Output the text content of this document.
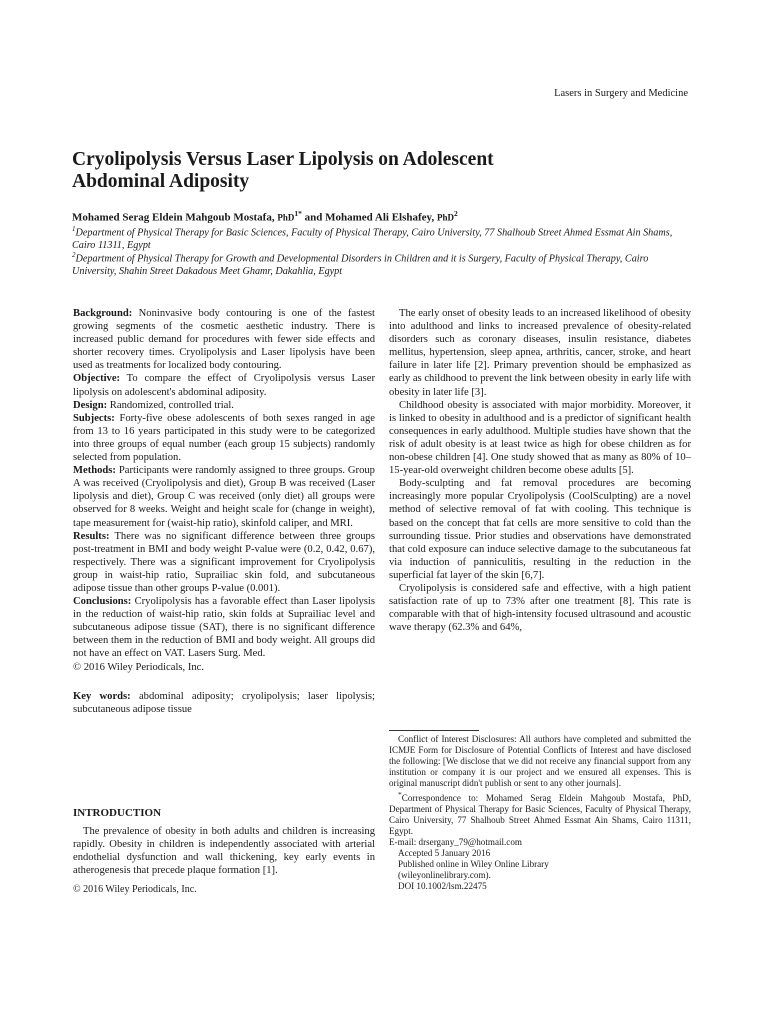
Lasers in Surgery and Medicine
Cryolipolysis Versus Laser Lipolysis on Adolescent
Abdominal Adiposity
Mohamed Serag Eldein Mahgoub Mostafa, PhD$^{1*}$ and Mohamed Ali Elshafey, PhD$^2$
$^1$Department of Physical Therapy for Basic Sciences, Faculty of Physical Therapy, Cairo University, 77 Shalhoub Street Ahmed Essmat Ain Shams, Cairo 11311, Egypt
$^2$Department of Physical Therapy for Growth and Developmental Disorders in Children and it is Surgery, Faculty of Physical Therapy, Cairo University, Shahin Street Dakadous Meet Ghamr, Dakahlia, Egypt

Background: Noninvasive body contouring is one of the fastest growing segments of the cosmetic aesthetic industry. There is increased public demand for procedures with fewer side effects and shorter recovery times. Cryolipolysis and Laser lipolysis have been used as treatments for localized body contouring.

Objective: To compare the effect of Cryolipolysis versus Laser lipolysis on adolescent's abdominal adiposity.

Design: Randomized, controlled trial.

Subjects: Forty-five obese adolescents of both sexes ranged in age from 13 to 16 years participated in this study were to be categorized into three groups of equal number (each group 15 subjects) randomly selected from population.

Methods: Participants were randomly assigned to three groups. Group A was received (Cryolipolysis and diet), Group B was received (Laser lipolysis and diet), Group C was received (only diet) all groups were observed for 8 weeks. Weight and height scale for (change in weight), tape measurement for (waist-hip ratio), skinfold caliper, and MRI.

Results: There was no significant difference between three groups post-treatment in BMI and body weight P-value were (0.2, 0.42, 0.67), respectively. There was a significant improvement for Cryolipolysis group in waist-hip ratio, Suprailiac skin fold, and subcutaneous adipose tissue than other groups P-value (0.001).

Conclusions: Cryolipolysis has a favorable effect than Laser lipolysis in the reduction of waist-hip ratio, skin folds at Suprailiac level and subcutaneous adipose tissue (SAT), there is no significant difference between them in the reduction of BMI and body weight. All groups did not have an effect on VAT. Lasers Surg. Med.

© 2016 Wiley Periodicals, Inc.

Key words: abdominal adiposity; cryolipolysis; laser lipolysis; subcutaneous adipose tissue

INTRODUCTION

The prevalence of obesity in both adults and children is increasing rapidly. Obesity in children is independently associated with arterial endothelial dysfunction and wall thickening, key early events in atherogenesis that precede plaque formation [1].

The early onset of obesity leads to an increased likelihood of obesity into adulthood and links to increased prevalence of obesity-related disorders such as coronary diseases, insulin resistance, diabetes mellitus, hypertension, sleep apnea, arthritis, cancer, stroke, and heart failure in later life [2]. Primary prevention should be emphasized as early as childhood to prevent the link between obesity in early life with obesity in later life [3].

Childhood obesity is associated with major morbidity. Moreover, it is linked to obesity in adulthood and is a predictor of significant health consequences in early adulthood. Multiple studies have shown that the risk of adult obesity is at least twice as high for obese children as for non-obese children [4]. One study showed that as many as 80% of 10–15-year-old overweight children become obese adults [5].

Body-sculpting and fat removal procedures are becoming increasingly more popular Cryolipolysis (CoolSculpting) are a novel method of selective removal of fat with cooling. This technique is based on the concept that fat cells are more sensitive to cold than the surrounding tissue. Prior studies and observations have demonstrated that cold exposure can induce selective damage to the subcutaneous fat via induction of panniculitis, resulting in the reduction in the superficial fat layer of the skin [6,7].

Cryolipolysis is considered safe and effective, with a high patient satisfaction rate of up to 73% after one treatment [8]. This rate is comparable with that of high-intensity focused ultrasound and acoustic wave therapy (62.3% and 64%,

Conflict of Interest Disclosures: All authors have completed and submitted the ICMJE Form for Disclosure of Potential Conflicts of Interest and have disclosed the following: [We disclose that we did not receive any financial support from any institution or company it is our project and we ensured all expenses. This is original manuscript didn't publish or sent to any other journals].

*Correspondence to: Mohamed Serag Eldein Mahgoub Mostafa, PhD, Department of Physical Therapy for Basic Sciences, Faculty of Physical Therapy, Cairo University, 77 Shalhoub Street Ahmed Essmat Ain Shams, Cairo 11311, Egypt.

E-mail: drsergany_79@hotmail.com

Accepted 5 January 2016

Published online in Wiley Online Library

(wileyonlinelibrary.com).

DOI 10.1002/lsm.22475

© 2016 Wiley Periodicals, Inc.
